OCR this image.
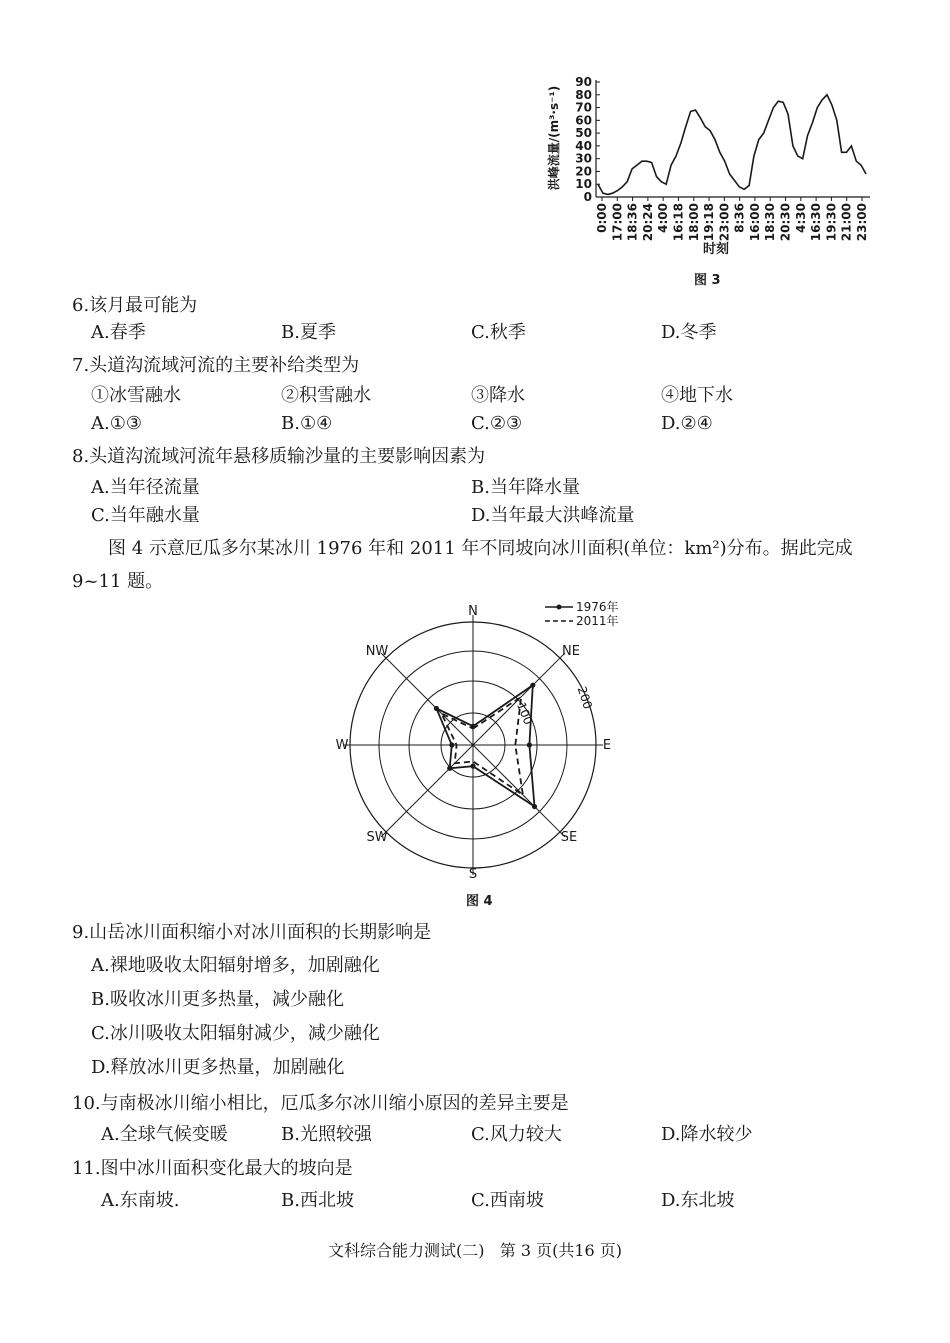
0
10
20
30
40
50
60
70
80
90
0:00 17:00 18:36 20:24 4:00 16:18 18:00 19:18 23:00 8:36 16:00 18:30 20:30 4:30 16:30 19:30 21:00 23:00
洪峰流量/(m³·s⁻¹)
时刻
图 3
6.该月最可能为
A.春季	B.夏季	C.秋季	D.冬季
7.头道沟流域河流的主要补给类型为
①冰雪融水	②积雪融水	③降水	④地下水
A.①③	B.①④	C.②③	D.②④
8.头道沟流域河流年悬移质输沙量的主要影响因素为
A.当年径流量	B.当年降水量
C.当年融水量	D.当年最大洪峰流量
图 4 示意厄瓜多尔某冰川 1976 年和 2011 年不同坡向冰川面积(单位：km²)分布。据此完成
9~11 题。
N
NE
E
SE
S
SW
W
NW
100
200
1976年
2011年
图 4
9.山岳冰川面积缩小对冰川面积的长期影响是
A.裸地吸收太阳辐射增多，加剧融化
B.吸收冰川更多热量，减少融化
C.冰川吸收太阳辐射减少，减少融化
D.释放冰川更多热量，加剧融化
10.与南极冰川缩小相比，厄瓜多尔冰川缩小原因的差异主要是
A.全球气候变暖	B.光照较强	C.风力较大	D.降水较少
11.图中冰川面积变化最大的坡向是
A.东南坡.	B.西北坡	C.西南坡	D.东北坡
文科综合能力测试(二)   第 3 页(共16 页)
